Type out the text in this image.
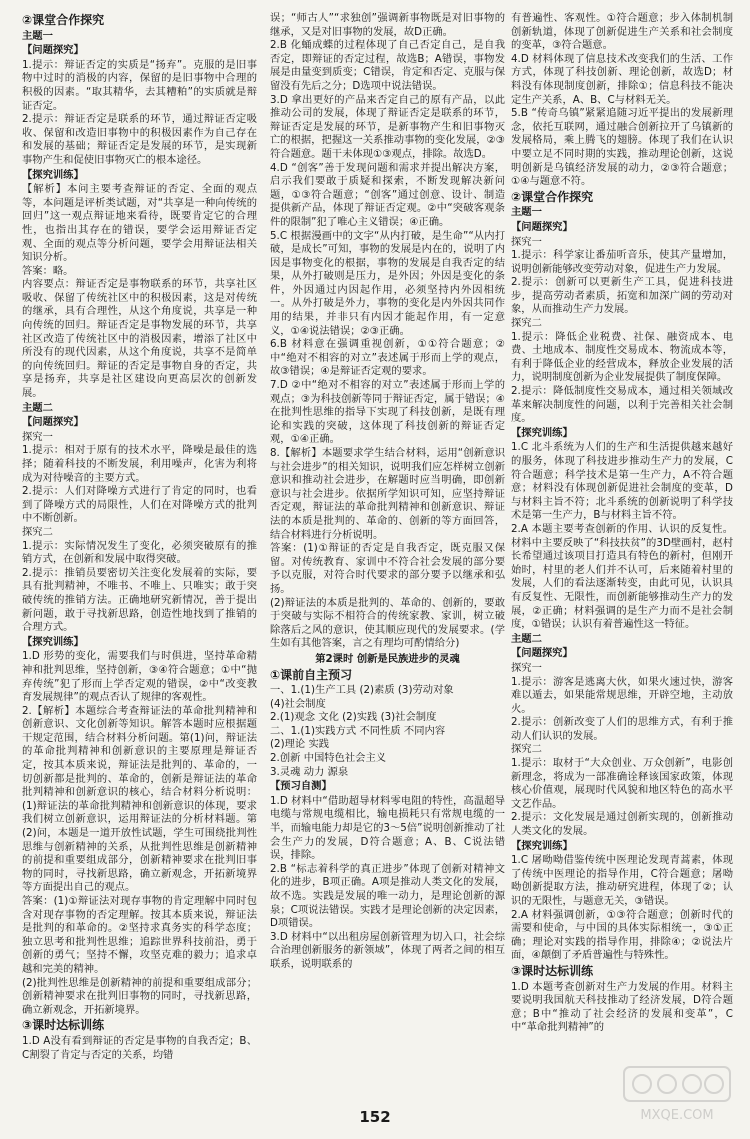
②课堂合作探究
主题一
【问题探究】

1.提示：辩证否定的实质是“扬弃”。克服的是旧事物中过时的消极的内容，保留的是旧事物中合理的积极的因素。“取其精华，去其糟粕”的实质就是辩证否定。

2.提示：辩证否定是联系的环节，通过辩证否定吸收、保留和改造旧事物中的积极因素作为自己存在和发展的基础；辩证否定是发展的环节，是实现新事物产生和促使旧事物灭亡的根本途径。

【探究训练】

【解析】本问主要考查辩证的否定、全面的观点等，本问题是评析类试题，对“共享是一种向传统的回归”这一观点辩证地来看待，既要肯定它的合理性，也指出其存在的错误，要学会运用辩证否定观、全面的观点等分析问题，要学会用辩证法相关知识分析。

答案：略。

内容要点：辩证否定是事物联系的环节，共享社区吸收、保留了传统社区中的积极因素，这是对传统的继承，具有合理性，从这个角度说，共享是一种向传统的回归。辩证否定是事物发展的环节，共享社区改造了传统社区中的消极因素，增添了社区中所没有的现代因素，从这个角度说，共享不是简单的向传统回归。辩证的否定是事物自身的否定，共享是扬弃，共享是社区建设向更高层次的创新发展。

主题二
【问题探究】

探究一

1.提示：相对于原有的技术水平，降噪是最佳的选择；随着科技的不断发展，利用噪声，化害为利将成为对待噪音的主要方式。

2.提示：人们对降噪方式进行了肯定的同时，也看到了降噪方式的局限性，人们在对降噪方式的批判中不断创新。

探究二

1.提示：实际情况发生了变化，必须突破原有的推销方式，在创新和发展中取得突破。

2.提示：推销员要密切关注变化发展着的实际，要具有批判精神，不唯书、不唯上、只唯实；敢于突破传统的推销方法。正确地研究新情况，善于提出新问题，敢于寻找新思路，创造性地找到了推销的合理方式。

【探究训练】

1.D 形势的变化，需要我们与时俱进，坚持革命精神和批判思维，坚持创新，③④符合题意；①中“抛弃传统”犯了形而上学否定观的错误，②中“改变教育发展规律”的观点否认了规律的客观性。

2.【解析】本题综合考查辩证法的革命批判精神和创新意识、文化创新等知识。解答本题时应根据题干规定范围，结合材料分析问题。第(1)问，辩证法的革命批判精神和创新意识的主要原理是辩证否定，按其本质来说，辩证法是批判的、革命的，一切创新都是批判的、革命的，创新是辩证法的革命批判精神和创新意识的核心，结合材料分析说明：(1)辩证法的革命批判精神和创新意识的体现，要求我们树立创新意识，运用辩证法的分析材料题。第(2)问，本题是一道开放性试题，学生可围绕批判性思维与创新精神的关系，从批判性思维是创新精神的前提和重要组成部分，创新精神要求在批判旧事物的同时，寻找新思路，确立新观念，开拓新境界等方面提出自己的观点。

答案：(1)①辩证法对现存事物的肯定理解中同时包含对现存事物的否定理解。按其本质来说，辩证法是批判的和革命的。②坚持求真务实的科学态度；独立思考和批判性思维；追踪世界科技前沿，勇于创新的勇气；坚持不懈，攻坚克难的毅力；追求卓越和完美的精神。

(2)批判性思维是创新精神的前提和重要组成部分；创新精神要求在批判旧事物的同时，寻找新思路，确立新观念，开拓新境界。

③课时达标训练

1.D A没有看到辩证的否定是事物的自我否定；B、C割裂了肯定与否定的关系，均错

误；“师古人”“求独创”强调新事物既是对旧事物的继承，又是对旧事物的发展，故D正确。

2.B 化蛹成蝶的过程体现了自己否定自己，是自我否定，即辩证的否定过程，故选B；A错误，事物发展是由量变到质变；C错误，肯定和否定、克服与保留没有先后之分；D选项中说法错误。

3.D 拿出更好的产品来否定自己的原有产品，以此推动公司的发展，体现了辩证否定是联系的环节，辩证否定是发展的环节，是新事物产生和旧事物灭亡的根据，把握这一关系推动事物的变化发展，②③符合题意。题干未体现①③观点，排除。故选D。

4.D “创客”善于发现问题和需求并提出解决方案，启示我们要敢于质疑和探索，不断发现解决新问题，①③符合题意；“创客”通过创意、设计、制造提供新产品，体现了辩证否定观。②中“突破客观条件的限制”犯了唯心主义错误；④正确。

5.C 根据漫画中的文字“从内打破，是生命”“从内打破，是成长”可知，事物的发展是内在的，说明了内因是事物变化的根据，事物的发展是自我否定的结果，从外打破则是压力，是外因；外因是变化的条件，外因通过内因起作用，必须坚持内外因相统一。从外打破是外力，事物的变化是内外因共同作用的结果，并非只有内因才能起作用，有一定意义，①④说法错误；②③正确。

6.B 材料意在强调重视创新，①①符合题意；②中“绝对不相容的对立”表述属于形而上学的观点，故③错误；④是辩证否定观的要求。

7.D ②中“绝对不相容的对立”表述属于形而上学的观点；③为科技创新等同于辩证否定，属于错误；④在批判性思维的指导下实现了科技创新，是既有理论和实践的突破，这体现了科技创新的辩证否定观，①④正确。

8.【解析】本题要求学生结合材料，运用“创新意识与社会进步”的相关知识，说明我们应怎样树立创新意识和推动社会进步，在解题时应当明确，即创新意识与社会进步。依据所学知识可知，应坚持辩证否定观，辩证法的革命批判精神和创新意识、辩证法的本质是批判的、革命的、创新的等方面回答，结合材料进行分析说明。

答案：(1)①辩证的否定是自我否定，既克服又保留。对传统教育、家训中不符合社会发展的部分要予以克服，对符合时代要求的部分要予以继承和弘扬。

(2)辩证法的本质是批判的、革命的、创新的，要敢于突破与实际不相符合的传统家教、家训，树立破除落后之风的意识，使其顺应现代的发展要求。(学生如有其他答案，言之有理均可酌情给分)

第2课时 创新是民族进步的灵魂
①课前自主预习

一、1.(1)生产工具 (2)素质 (3)劳动对象

(4)社会制度

2.(1)观念 文化 (2)实践 (3)社会制度

二、1.(1)实践方式 不同性质 不同内容

(2)理论 实践

2.创新 中国特色社会主义

3.灵魂 动力 源泉

【预习自测】

1.D 材料中“借助超导材料零电阻的特性，高温超导电缆与常规电缆相比，输电损耗只有常规电缆的一半，而输电能力却是它的3～5倍”说明创新推动了社会生产力的发展，D符合题意；A、B、C说法错误，排除。

2.B “标志着科学的真正进步”体现了创新对精神文化的进步，B项正确。A项是推动人类文化的发展，故不选。实践是发展的唯一动力，是理论创新的源泉；C项说法错误。实践才是理论创新的决定因素，D项错误。

3.D 材料中“以出租房屋创新管理为切入口，社会综合治理创新服务的新领域”，体现了两者之间的相互联系，说明联系的

有普遍性、客观性。①符合题意；步入体制机制创新轨道，体现了创新促进生产关系和社会制度的变革，③符合题意。

4.D 材料体现了信息技术改变我们的生活、工作方式，体现了科技创新、理论创新，故选D；材料没有体现制度创新，排除①；信息科技不能决定生产关系，A、B、C与材料无关。

5.B “传奇乌镇”紧紧追随习近平提出的发展新理念，依托互联网，通过融合创新拉开了乌镇新的发展格局，乘上腾飞的翅膀。体现了我们在认识中要立足不同时期的实践，推动理论创新，这说明创新是乌镇经济发展的动力，②③符合题意；①④与题意不符。

②课堂合作探究
主题一
【问题探究】

探究一

1.提示：科学家让番茄听音乐，使其产量增加，说明创新能够改变劳动对象，促进生产力发展。

2.提示：创新可以更新生产工具，促进科技进步，提高劳动者素质，拓宽和加深广阔的劳动对象，从而推动生产力发展。

探究二

1.提示：降低企业税费、社保、融资成本、电费、土地成本、制度性交易成本、物流成本等，有利于降低企业的经营成本，释放企业发展的活力，说明制度创新为企业发展提供了制度保障。

2.提示：降低制度性交易成本，通过相关领域改革来解决制度性的问题，以利于完善相关社会制度。

【探究训练】

1.C 北斗系统为人们的生产和生活提供越来越好的服务，体现了科技进步推动生产力的发展，C符合题意；科学技术是第一生产力，A不符合题意；材料没有体现创新促进社会制度的变革，D与材料主旨不符；北斗系统的创新说明了科学技术是第一生产力，B与材料主旨不符。

2.A 本题主要考查创新的作用、认识的反复性。材料中主要反映了“科技扶贫”的3D壁画村，赵村长希望通过该项目打造具有特色的新村，但刚开始时，村里的老人们并不认可，后来随着村里的发展，人们的看法逐渐转变，由此可见，认识具有反复性、无限性，而创新能够推动生产力的发展，②正确；材料强调的是生产力而不是社会制度，①错误；认识有着普遍性这一特征。

主题二
【问题探究】

探究一

1.提示：游客是逃离大伙，如果火速过快，游客难以遁去，如果能常规思维，开辟空地，主动放火。

2.提示：创新改变了人们的思维方式，有利于推动人们认识的发展。

探究二

1.提示：取材于“大众创业、万众创新”，电影创新理念，将成为一部准确诠释该国家政策，体现核心价值观，展现时代风貌和地区特色的高水平文艺作品。

2.提示：文化发展是通过创新实现的，创新推动人类文化的发展。

【探究训练】

1.C 屠呦呦借鉴传统中医理论发现青蒿素，体现了传统中医理论的指导作用，C符合题意；屠呦呦创新提取方法，推动研究进程，体现了②；认识的无限性，与题意无关，③错误。

2.A 材料强调创新，①③符合题意；创新时代的需要和使命，与中国的具体实际相统一，③①正确；理论对实践的指导作用，排除④；②说法片面，④颠倒了矛盾普遍性与特殊性。

③课时达标训练

1.D 本题考查创新对生产力发展的作用。材料主要说明我国航天科技推动了经济发展，D符合题意；B中“推动了社会经济的发展和变革”，C中“革命批判精神”的

152	MXQE.COM
